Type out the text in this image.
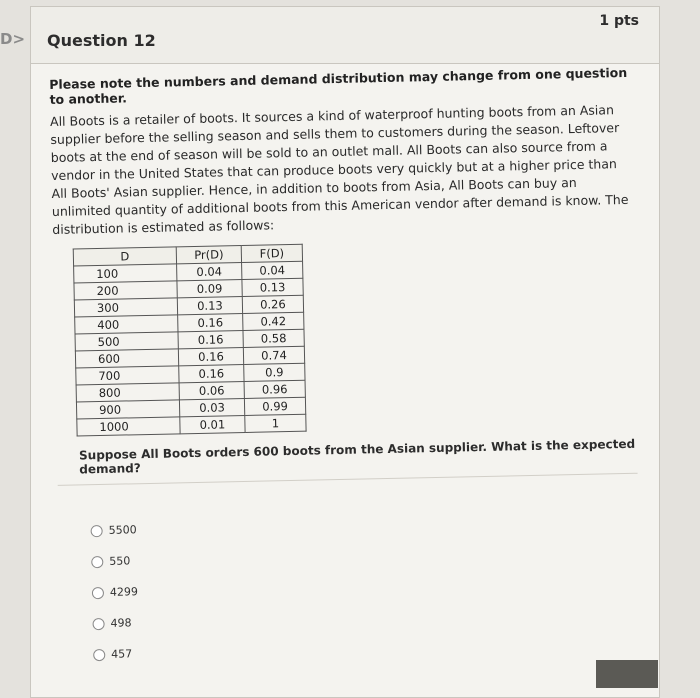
D> Question 12
1 pts

Please note the numbers and demand distribution may change from one question to another.

All Boots is a retailer of boots. It sources a kind of waterproof hunting boots from an Asian supplier before the selling season and sells them to customers during the season. Leftover boots at the end of season will be sold to an outlet mall. All Boots can also source from a vendor in the United States that can produce boots very quickly but at a higher price than All Boots' Asian supplier. Hence, in addition to boots from Asia, All Boots can buy an unlimited quantity of additional boots from this American vendor after demand is know. The distribution is estimated as follows:

D	Pr(D)	F(D)
100	0.04	0.04
200	0.09	0.13
300	0.13	0.26
400	0.16	0.42
500	0.16	0.58
600	0.16	0.74
700	0.16	0.9
800	0.06	0.96
900	0.03	0.99
1000	0.01	1

Suppose All Boots orders 600 boots from the Asian supplier. What is the expected demand?

5500
550
4299
498
457
